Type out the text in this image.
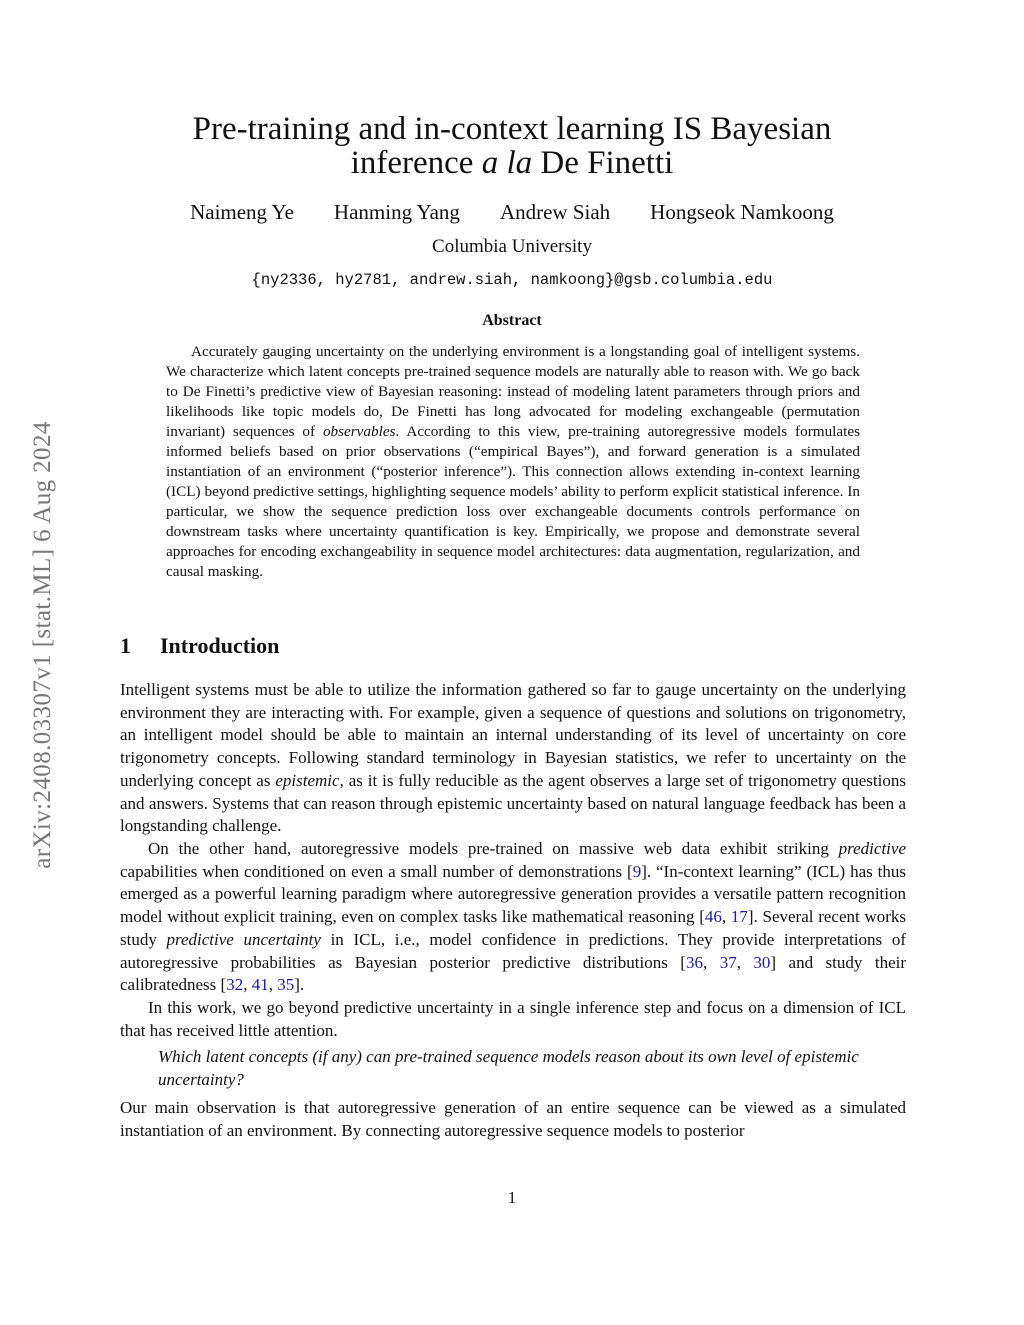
arXiv:2408.03307v1 [stat.ML] 6 Aug 2024
Pre-training and in-context learning IS Bayesian
inference a la De Finetti
Naimeng Ye Hanming Yang Andrew Siah Hongseok Namkoong
Columbia University
{ny2336, hy2781, andrew.siah, namkoong}@gsb.columbia.edu
Abstract

Accurately gauging uncertainty on the underlying environment is a longstanding goal of intelligent systems. We characterize which latent concepts pre-trained sequence models are naturally able to reason with. We go back to De Finetti’s predictive view of Bayesian reasoning: instead of modeling latent parameters through priors and likelihoods like topic models do, De Finetti has long advocated for modeling exchangeable (permutation invariant) sequences of observables. According to this view, pre-training autoregressive models formulates informed beliefs based on prior observations (“empirical Bayes”), and forward generation is a simulated instantiation of an environment (“posterior inference”). This connection allows extending in-context learning (ICL) beyond predictive settings, highlighting sequence models’ ability to perform explicit statistical inference. In particular, we show the sequence prediction loss over exchangeable documents controls performance on downstream tasks where uncertainty quantification is key. Empirically, we propose and demonstrate several approaches for encoding exchangeability in sequence model architectures: data augmentation, regularization, and causal masking.

1 Introduction

Intelligent systems must be able to utilize the information gathered so far to gauge uncertainty on the underlying environment they are interacting with. For example, given a sequence of questions and solutions on trigonometry, an intelligent model should be able to maintain an internal understanding of its level of uncertainty on core trigonometry concepts. Following standard terminology in Bayesian statistics, we refer to uncertainty on the underlying concept as epistemic, as it is fully reducible as the agent observes a large set of trigonometry questions and answers. Systems that can reason through epistemic uncertainty based on natural language feedback has been a longstanding challenge.

On the other hand, autoregressive models pre-trained on massive web data exhibit striking predictive capabilities when conditioned on even a small number of demonstrations [9]. “In-context learning” (ICL) has thus emerged as a powerful learning paradigm where autoregressive generation provides a versatile pattern recognition model without explicit training, even on complex tasks like mathematical reasoning [46, 17]. Several recent works study predictive uncertainty in ICL, i.e., model confidence in predictions. They provide interpretations of autoregressive probabilities as Bayesian posterior predictive distributions [36, 37, 30] and study their calibratedness [32, 41, 35].

In this work, we go beyond predictive uncertainty in a single inference step and focus on a dimension of ICL that has received little attention.

Which latent concepts (if any) can pre-trained sequence models reason about its own level of epistemic uncertainty?

Our main observation is that autoregressive generation of an entire sequence can be viewed as a simulated instantiation of an environment. By connecting autoregressive sequence models to posterior

1
